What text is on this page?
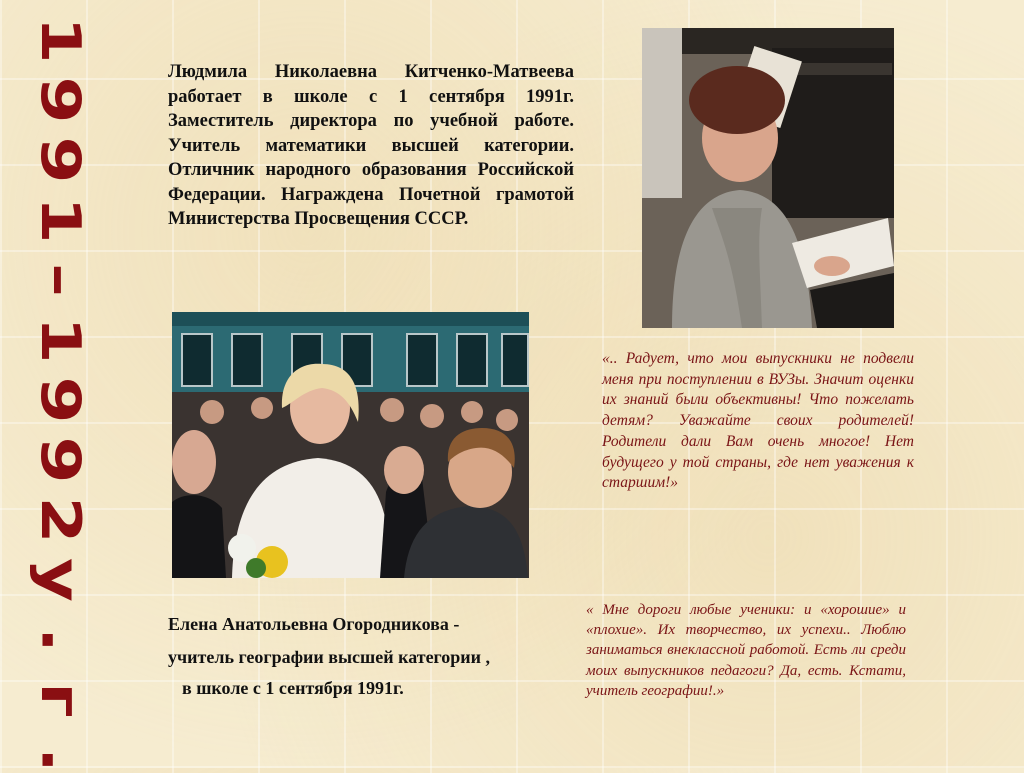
1
9
9
1
–
1
9
9
2
у
.
г
.

Людмила Николаевна Китченко-Матвеева работает в школе с 1 сентября 1991г. Заместитель директора по учебной работе. Учитель математики высшей категории. Отличник народного образования Российской Федерации. Награждена Почетной грамотой Министерства Просвещения СССР.

«.. Радует, что мои выпускники не подвели меня при поступлении в ВУЗы. Значит оценки их знаний были объективны! Что пожелать детям? Уважайте своих родителей! Родители дали Вам очень многое! Нет будущего у той страны, где нет уважения к старшим!»

Елена Анатольевна Огородникова -
учитель географии высшей категории ,
в школе с 1 сентября 1991г.

« Мне дороги любые ученики: и «хорошие» и «плохие». Их творчество, их успехи.. Люблю заниматься внеклассной работой. Есть ли среди моих выпускников педагоги? Да, есть. Кстати, учитель географии!.»
